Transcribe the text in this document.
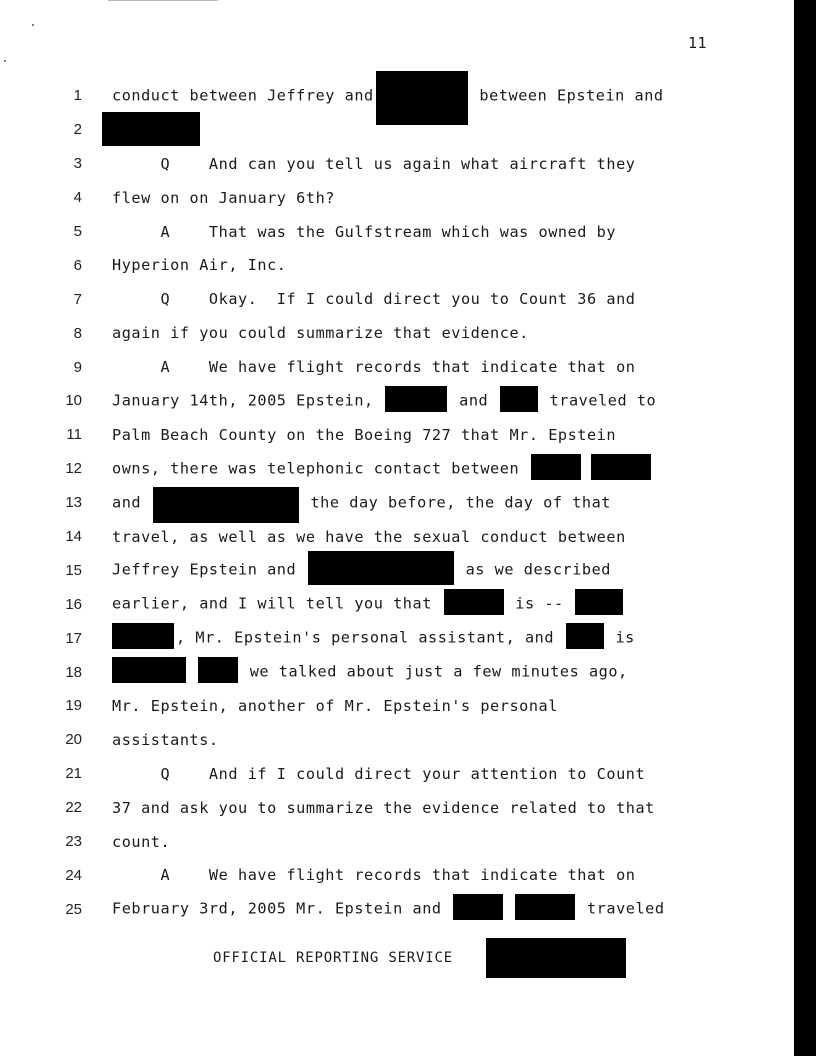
11
1 conduct between Jeffrey and	between Epstein and
2
3 Q    And can you tell us again what aircraft they
4 flew on on January 6th?
5 A    That was the Gulfstream which was owned by
6 Hyperion Air, Inc.
7 Q    Okay.  If I could direct you to Count 36 and
8 again if you could summarize that evidence.
9 A    We have flight records that indicate that on
10 January 14th, 2005 Epstein,	and	traveled to
11 Palm Beach County on the Boeing 727 that Mr. Epstein
12 owns, there was telephonic contact between
13 and	the day before, the day of that
14 travel, as well as we have the sexual conduct between
15 Jeffrey Epstein and	as we described
16 earlier, and I will tell you that	is --
17	, Mr. Epstein's personal assistant, and	is
18	we talked about just a few minutes ago,
19 Mr. Epstein, another of Mr. Epstein's personal
20 assistants.
21 Q    And if I could direct your attention to Count
22 37 and ask you to summarize the evidence related to that
23 count.
24 A    We have flight records that indicate that on
25 February 3rd, 2005 Mr. Epstein and	traveled
OFFICIAL REPORTING SERVICE
